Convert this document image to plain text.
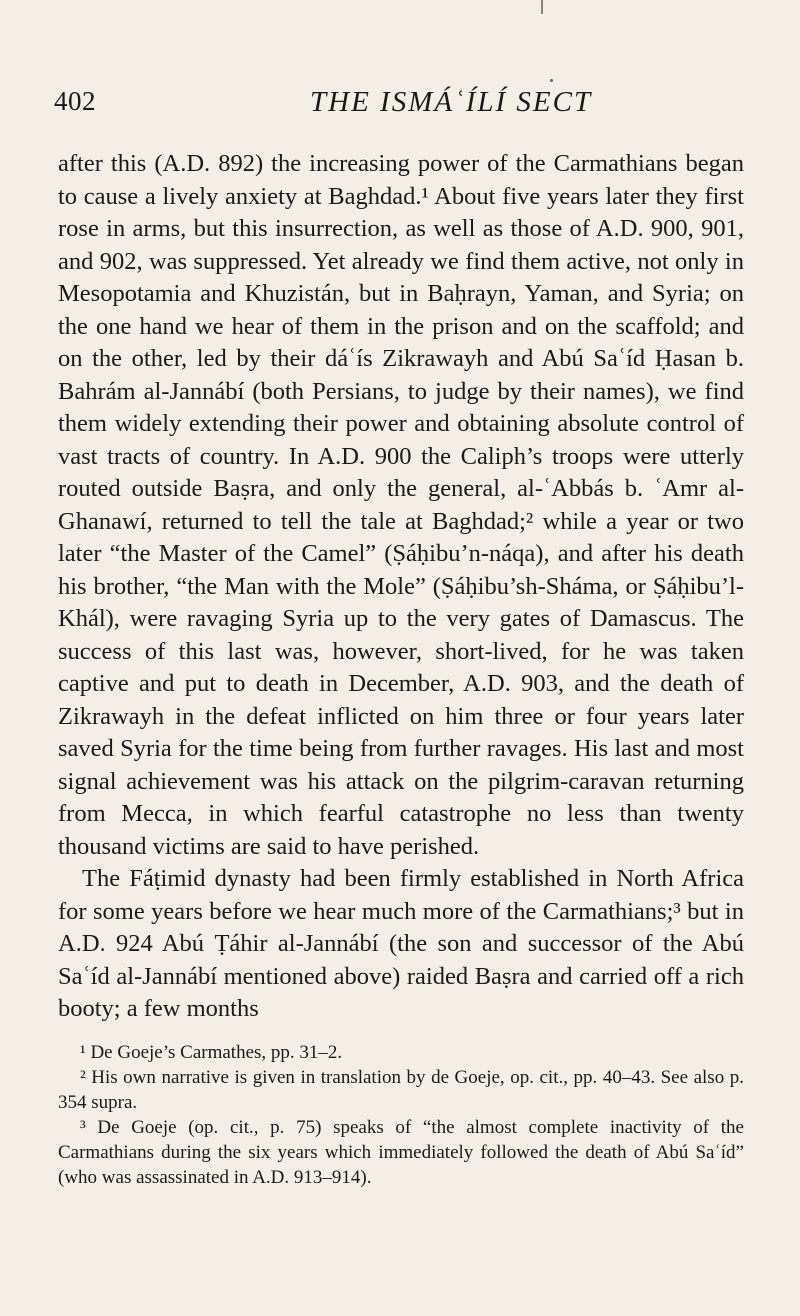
402	THE ISMÁʿÍLÍ SECT

after this (A.D. 892) the increasing power of the Carmathians began to cause a lively anxiety at Baghdad.¹ About five years later they first rose in arms, but this insurrection, as well as those of A.D. 900, 901, and 902, was suppressed. Yet already we find them active, not only in Mesopotamia and Khuzistán, but in Baḥrayn, Yaman, and Syria; on the one hand we hear of them in the prison and on the scaffold; and on the other, led by their dáʿís Zikrawayh and Abú Saʿíd Ḥasan b. Bahrám al-Jannábí (both Persians, to judge by their names), we find them widely extending their power and obtaining absolute control of vast tracts of country. In A.D. 900 the Caliph’s troops were utterly routed outside Baṣra, and only the general, al-ʿAbbás b. ʿAmr al-Ghanawí, returned to tell the tale at Baghdad;² while a year or two later “the Master of the Camel” (Ṣáḥibu’n-náqa), and after his death his brother, “the Man with the Mole” (Ṣáḥibu’sh-Sháma, or Ṣáḥibu’l-Khál), were ravaging Syria up to the very gates of Damascus. The success of this last was, however, short-lived, for he was taken captive and put to death in December, A.D. 903, and the death of Zikrawayh in the defeat inflicted on him three or four years later saved Syria for the time being from further ravages. His last and most signal achievement was his attack on the pilgrim-caravan returning from Mecca, in which fearful catastrophe no less than twenty thousand victims are said to have perished.

The Fáṭimid dynasty had been firmly established in North Africa for some years before we hear much more of the Carmathians;³ but in A.D. 924 Abú Ṭáhir al-Jannábí (the son and successor of the Abú Saʿíd al-Jannábí mentioned above) raided Baṣra and carried off a rich booty; a few months

¹ De Goeje’s Carmathes, pp. 31–2.

² His own narrative is given in translation by de Goeje, op. cit., pp. 40–43. See also p. 354 supra.

³ De Goeje (op. cit., p. 75) speaks of “the almost complete inactivity of the Carmathians during the six years which immediately followed the death of Abú Saʿíd” (who was assassinated in A.D. 913–914).
